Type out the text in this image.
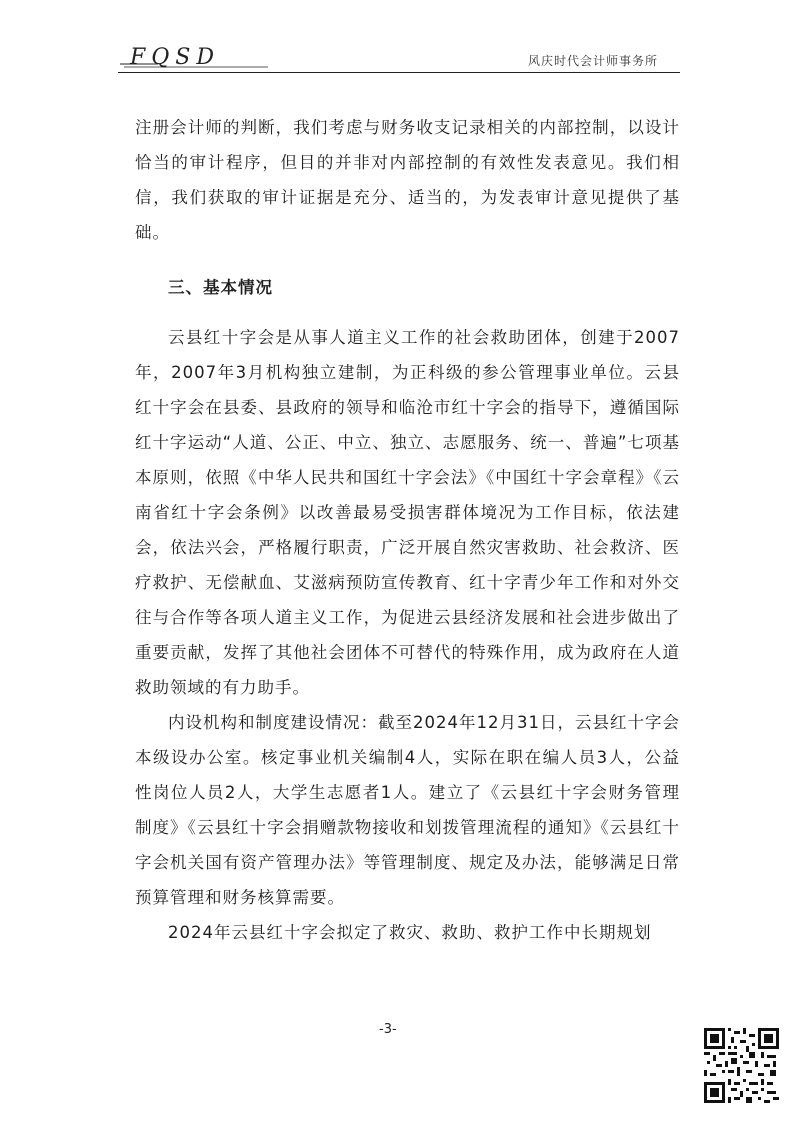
FQSD	风庆时代会计师事务所

注册会计师的判断，我们考虑与财务收支记录相关的内部控制，以设计恰当的审计程序，但目的并非对内部控制的有效性发表意见。我们相信，我们获取的审计证据是充分、适当的，为发表审计意见提供了基础。

三、基本情况

云县红十字会是从事人道主义工作的社会救助团体，创建于2007年，2007年3月机构独立建制，为正科级的参公管理事业单位。云县红十字会在县委、县政府的领导和临沧市红十字会的指导下，遵循国际红十字运动“人道、公正、中立、独立、志愿服务、统一、普遍”七项基本原则，依照《中华人民共和国红十字会法》《中国红十字会章程》《云南省红十字会条例》以改善最易受损害群体境况为工作目标，依法建会，依法兴会，严格履行职责，广泛开展自然灾害救助、社会救济、医疗救护、无偿献血、艾滋病预防宣传教育、红十字青少年工作和对外交往与合作等各项人道主义工作，为促进云县经济发展和社会进步做出了重要贡献，发挥了其他社会团体不可替代的特殊作用，成为政府在人道救助领域的有力助手。

内设机构和制度建设情况：截至2024年12月31日，云县红十字会本级设办公室。核定事业机关编制4人，实际在职在编人员3人，公益性岗位人员2人，大学生志愿者1人。建立了《云县红十字会财务管理制度》《云县红十字会捐赠款物接收和划拨管理流程的通知》《云县红十字会机关国有资产管理办法》等管理制度、规定及办法，能够满足日常预算管理和财务核算需要。

2024年云县红十字会拟定了救灾、救助、救护工作中长期规划

-3-
